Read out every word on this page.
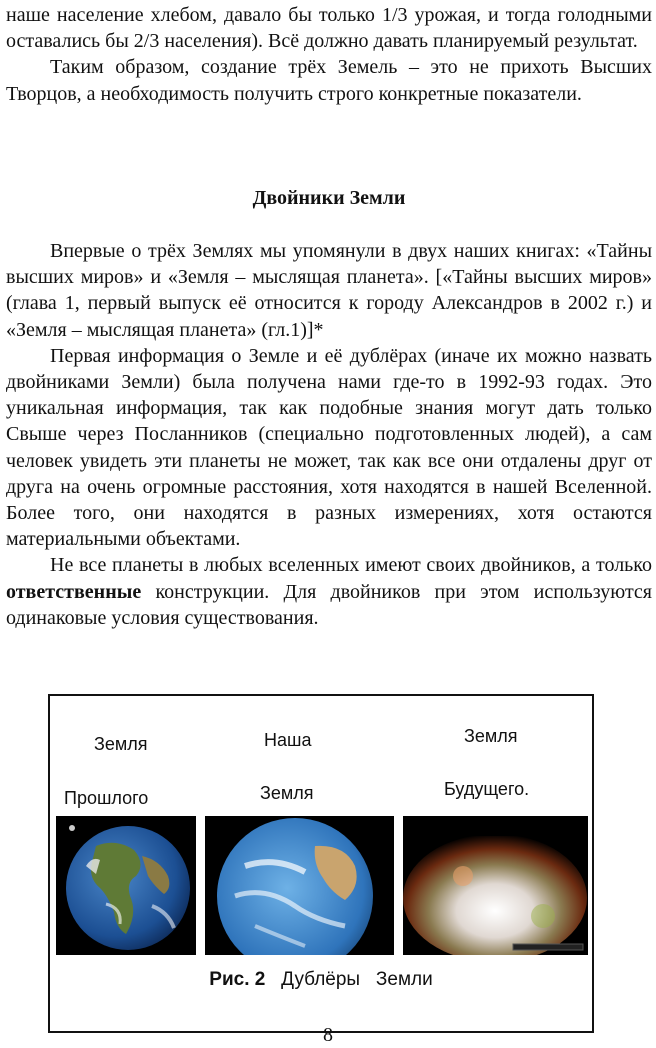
наше население хлебом, давало бы только 1/3 урожая, и тогда голодными оставались бы 2/3 населения). Всё должно давать планируемый результат.

Таким образом, создание трёх Земель – это не прихоть Высших Творцов, а необходимость получить строго конкретные показатели.

Двойники Земли

Впервые о трёх Землях мы упомянули в двух наших книгах: «Тайны высших миров» и «Земля – мыслящая планета». [«Тайны высших миров» (глава 1, первый выпуск её относится к городу Александров в 2002 г.) и «Земля – мыслящая планета» (гл.1)]*

Первая информация о Земле и её дублёрах (иначе их можно назвать двойниками Земли) была получена нами где-то в 1992-93 годах. Это уникальная информация, так как подобные знания могут дать только Свыше через Посланников (специально подготовленных людей), а сам человек увидеть эти планеты не может, так как все они отдалены друг от друга на очень огромные расстояния, хотя находятся в нашей Вселенной. Более того, они находятся в разных измерениях, хотя остаются материальными объектами.

Не все планеты в любых вселенных имеют своих двойников, а только ответственные конструкции. Для двойников при этом используются одинаковые условия существования.

Земля
Прошлого
Наша
Земля
Земля
Будущего.
Рис. 2 Дублёры   Земли
8
